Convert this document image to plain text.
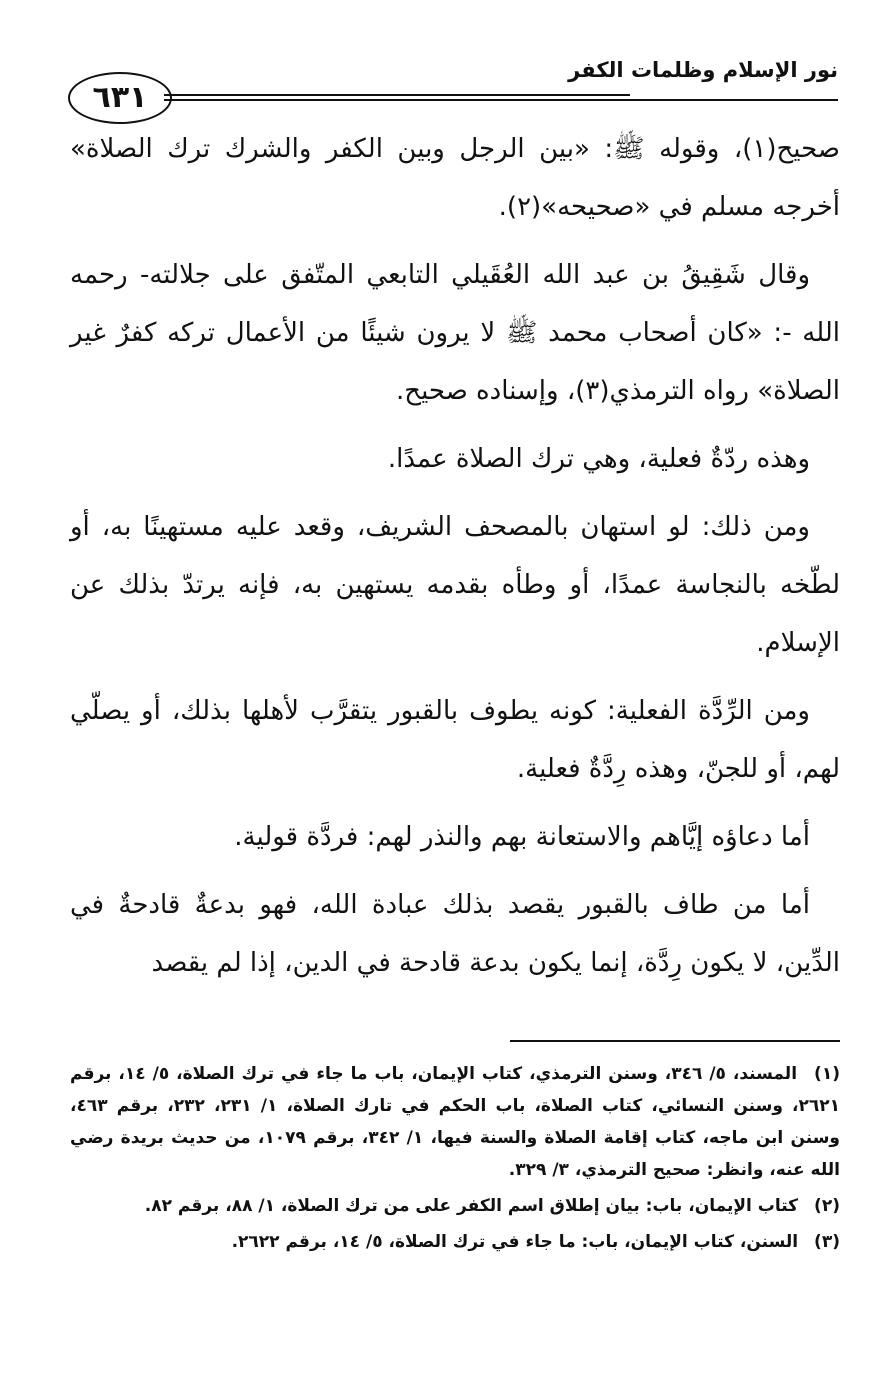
نور الإسلام وظلمات الكفر
٦٣١

صحيح(١)، وقوله ﷺ: «بين الرجل وبين الكفر والشرك ترك الصلاة» أخرجه مسلم في «صحيحه»(٢).

وقال شَقِيقُ بن عبد الله العُقَيلي التابعي المتّفق على جلالته- رحمه الله -: «كان أصحاب محمد ﷺ لا يرون شيئًا من الأعمال تركه كفرٌ غير الصلاة» رواه الترمذي(٣)، وإسناده صحيح.

وهذه ردّةٌ فعلية، وهي ترك الصلاة عمدًا.

ومن ذلك: لو استهان بالمصحف الشريف، وقعد عليه مستهينًا به، أو لطّخه بالنجاسة عمدًا، أو وطأه بقدمه يستهين به، فإنه يرتدّ بذلك عن الإسلام.

ومن الرِّدَّة الفعلية: كونه يطوف بالقبور يتقرَّب لأهلها بذلك، أو يصلّي لهم، أو للجنّ، وهذه رِدَّةٌ فعلية.

أما دعاؤه إيَّاهم والاستعانة بهم والنذر لهم: فردَّة قولية.

أما من طاف بالقبور يقصد بذلك عبادة الله، فهو بدعةٌ قادحةٌ في الدِّين، لا يكون رِدَّة، إنما يكون بدعة قادحة في الدين، إذا لم يقصد

(١) المسند، ٥/ ٣٤٦، وسنن الترمذي، كتاب الإيمان، باب ما جاء في ترك الصلاة، ٥/ ١٤، برقم ٢٦٢١، وسنن النسائي، كتاب الصلاة، باب الحكم في تارك الصلاة، ١/ ٢٣١، ٢٣٢، برقم ٤٦٣، وسنن ابن ماجه، كتاب إقامة الصلاة والسنة فيها، ١/ ٣٤٢، برقم ١٠٧٩، من حديث بريدة رضي الله عنه، وانظر: صحيح الترمذي، ٣/ ٣٢٩.
(٢) كتاب الإيمان، باب: بيان إطلاق اسم الكفر على من ترك الصلاة، ١/ ٨٨، برقم ٨٢.
(٣) السنن، كتاب الإيمان، باب: ما جاء في ترك الصلاة، ٥/ ١٤، برقم ٢٦٢٢.
